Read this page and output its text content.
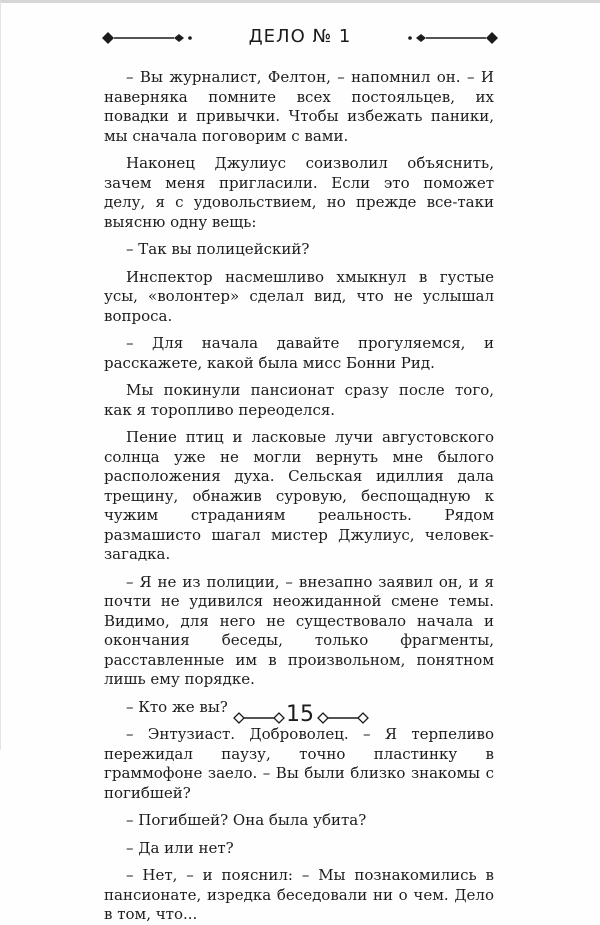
ДЕЛО № 1

– Вы журналист, Фелтон, – напомнил он. – И наверняка помните всех постояльцев, их повадки и привычки. Чтобы избежать паники, мы сначала поговорим с вами.

Наконец Джулиус соизволил объяснить, зачем меня пригласили. Если это поможет делу, я с удовольствием, но прежде все-таки выясню одну вещь:

– Так вы полицейский?

Инспектор насмешливо хмыкнул в густые усы, «волонтер» сделал вид, что не услышал вопроса.

– Для начала давайте прогуляемся, и расскажете, какой была мисс Бонни Рид.

Мы покинули пансионат сразу после того, как я торопливо переоделся.

Пение птиц и ласковые лучи августовского солнца уже не могли вернуть мне былого расположения духа. Сельская идиллия дала трещину, обнажив суровую, беспощадную к чужим страданиям реальность. Рядом размашисто шагал мистер Джулиус, человек-загадка.

– Я не из полиции, – внезапно заявил он, и я почти не удивился неожиданной смене темы. Видимо, для него не существовало начала и окончания беседы, только фрагменты, расставленные им в произвольном, понятном лишь ему порядке.

– Кто же вы?

– Энтузиаст. Доброволец. – Я терпеливо пережидал паузу, точно пластинку в граммофоне заело. – Вы были близко знакомы с погибшей?

– Погибшей? Она была убита?

– Да или нет?

– Нет, – и пояснил: – Мы познакомились в пансионате, изредка беседовали ни о чем. Дело в том, что...

15
